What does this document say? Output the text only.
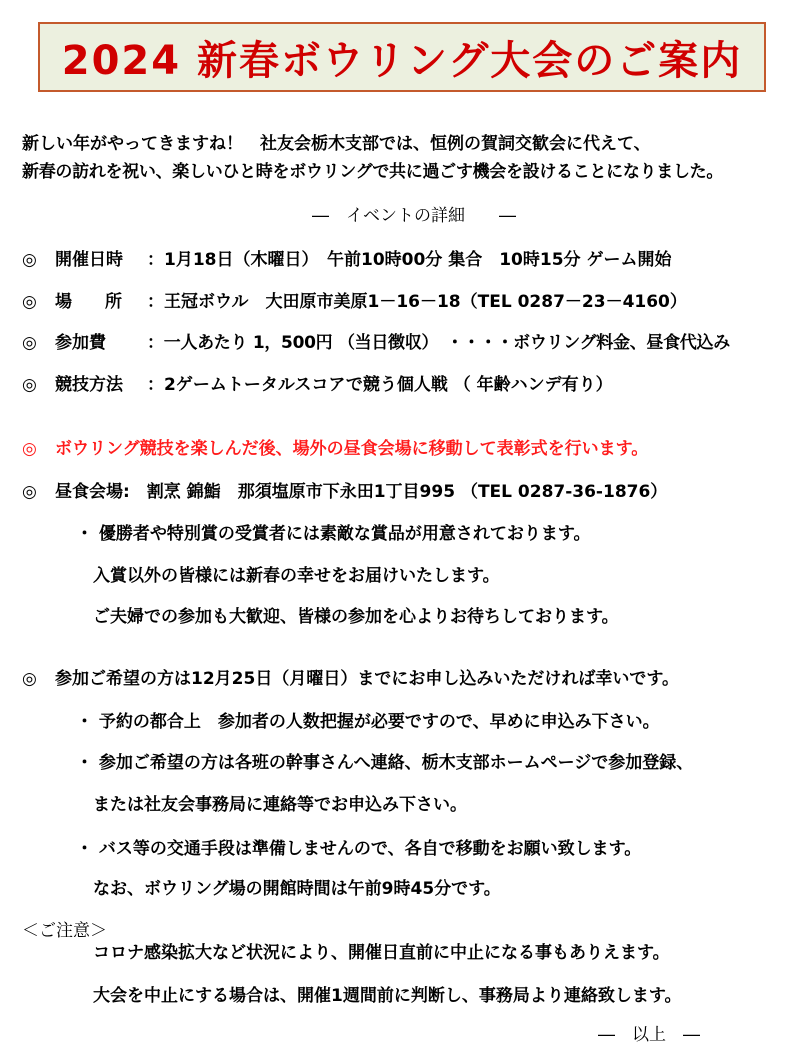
2024 新春ボウリング大会のご案内
新しい年がやってきますね！　社友会栃木支部では、恒例の賀詞交歓会に代えて、
新春の訪れを祝い、楽しいひと時をボウリングで共に過ごす機会を設けることになりました。
―　イベントの詳細　　―
◎ 開催日時 ：1月18日（木曜日）　午前10時00分 集合　10時15分 ゲーム開始
◎ 場　所 ：王冠ボウル　大田原市美原1－16－18（TEL 0287－23－4160）
◎ 参加費 ：一人あたり 1，500円 （当日徴収）　・・・・ボウリング料金、昼食代込み
◎ 競技方法 ：2ゲームトータルスコアで競う個人戦 （ 年齢ハンデ有り）
◎ ボウリング競技を楽しんだ後、場外の昼食会場に移動して表彰式を行います。
◎ 昼食会場:　割烹 錦鮨　那須塩原市下永田1丁目995 （TEL 0287-36-1876）
・ 優勝者や特別賞の受賞者には素敵な賞品が用意されております。
入賞以外の皆様には新春の幸せをお届けいたします。
ご夫婦での参加も大歓迎、皆様の参加を心よりお待ちしております。
◎ 参加ご希望の方は12月25日（月曜日）までにお申し込みいただければ幸いです。
・ 予約の都合上　参加者の人数把握が必要ですので、早めに申込み下さい。
・ 参加ご希望の方は各班の幹事さんへ連絡、栃木支部ホームページで参加登録、
または社友会事務局に連絡等でお申込み下さい。
・ バス等の交通手段は準備しませんので、各自で移動をお願い致します。
なお、ボウリング場の開館時間は午前9時45分です。
＜ご注意＞
コロナ感染拡大など状況により、開催日直前に中止になる事もありえます。
大会を中止にする場合は、開催1週間前に判断し、事務局より連絡致します。
―　以上　―
